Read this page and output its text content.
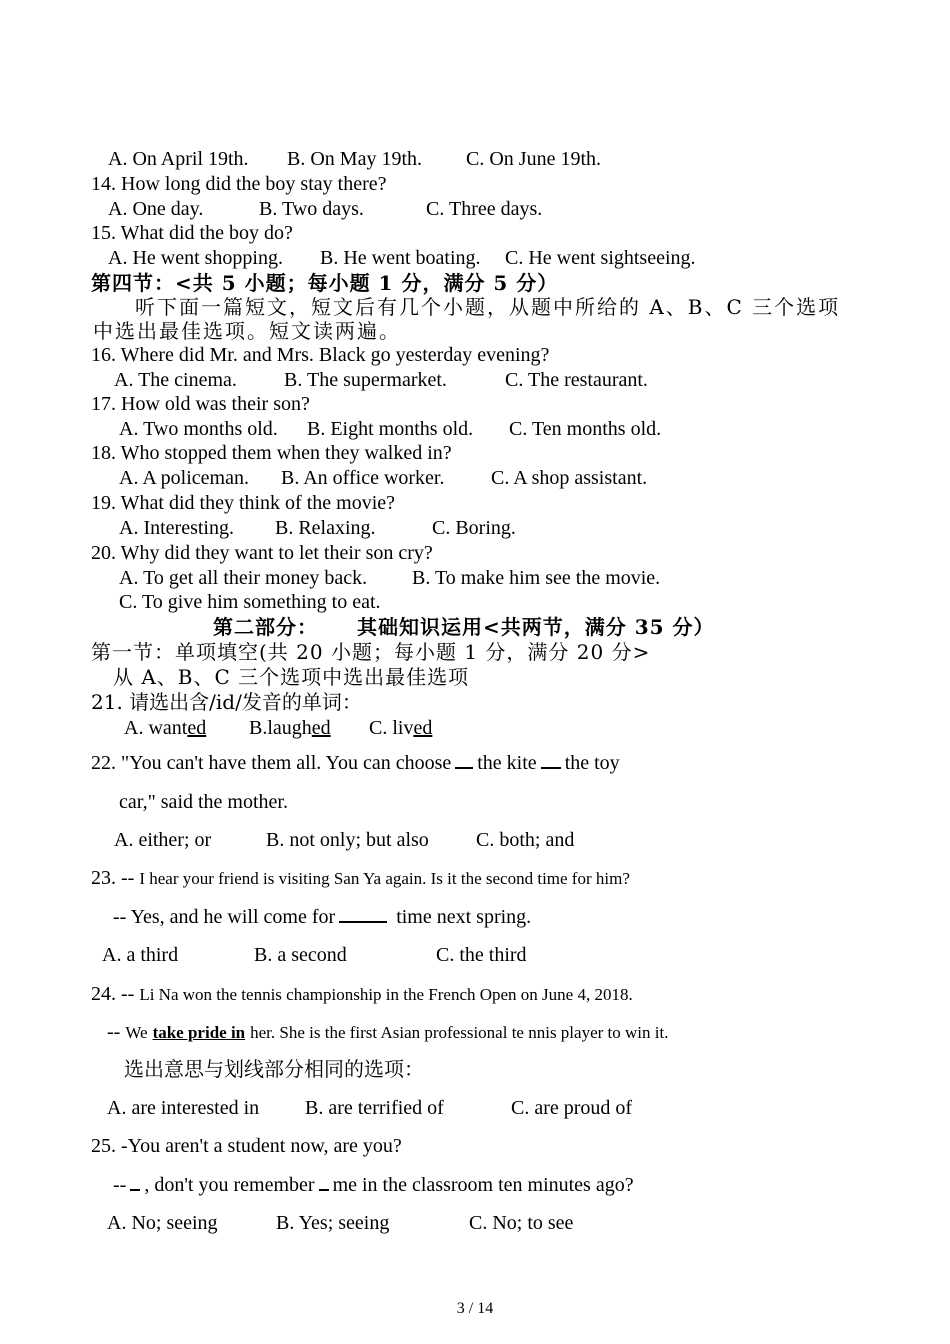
A. On April 19th. B. On May 19th. C. On June 19th.
14. How long did the boy stay there?
A. One day.	B. Two days.	C. Three days.
15. What did the boy do?
A. He went shopping. B. He went boating. C. He went sightseeing.
第四节：<共 5 小题；每小题 1 分，满分 5 分）
听下面一篇短文，短文后有几个小题，从题中所给的 A、B、C 三个选项
中选出最佳选项。短文读两遍。
16. Where did Mr. and Mrs. Black go yesterday evening?
A. The cinema. B. The supermarket.	C. The restaurant.
17. How old was their son?
A. Two months old. B. Eight months old. C. Ten months old.
18. Who stopped them when they walked in?
A. A policeman. B. An office worker. C. A shop assistant.
19. What did they think of the movie?
A. Interesting. B. Relaxing.	C. Boring.
20. Why did they want to let their son cry?
A. To get all their money back. B. To make him see the movie.
C. To give him something to eat.
第二部分： 其础知识运用<共两节，满分 35 分）
第一节：单项填空(共 20 小题；每小题 1 分，满分 20 分>
从 A、B、C 三个选项中选出最佳选项
21. 请选出含/id/发音的单词：
A. wanted B.laughed C. lived
22. "You can't have them all. You can choose the kite the toy
car," said the mother.
A. either; or	B. not only; but also C. both; and
23. -- I hear your friend is visiting San Ya again. Is it the second time for him?
-- Yes, and he will come for	time next spring.
A. a third	B. a second	C. the third
24. -- Li Na won the tennis championship in the French Open on June 4, 2018.
-- We take pride in her. She is the first Asian professional te nnis player to win it.
选出意思与划线部分相同的选项：
A. are interested in B. are terrified of	C. are proud of
25. -You aren't a student now, are you?
-- , don't you remember me in the classroom ten minutes ago?
A. No; seeing	B. Yes; seeing	C. No; to see
3 / 14
